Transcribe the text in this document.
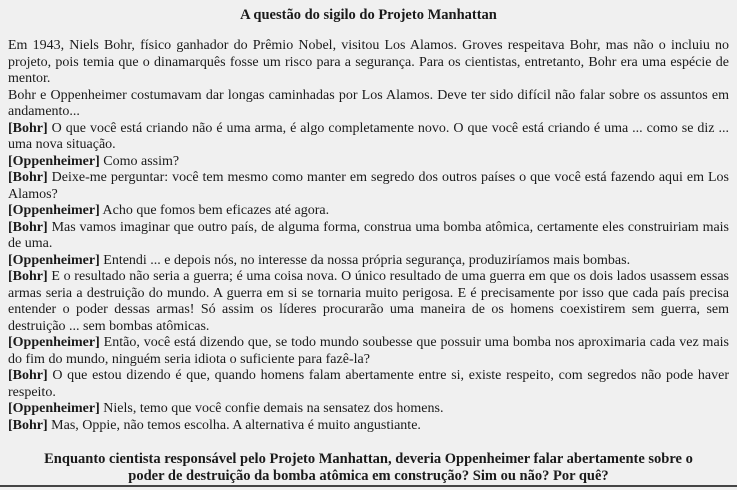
A questão do sigilo do Projeto Manhattan

Em 1943, Niels Bohr, físico ganhador do Prêmio Nobel, visitou Los Alamos. Groves respeitava Bohr, mas não o incluiu no projeto, pois temia que o dinamarquês fosse um risco para a segurança. Para os cientistas, entretanto, Bohr era uma espécie de mentor.

Bohr e Oppenheimer costumavam dar longas caminhadas por Los Alamos. Deve ter sido difícil não falar sobre os assuntos em andamento...

[Bohr] O que você está criando não é uma arma, é algo completamente novo. O que você está criando é uma ... como se diz ... uma nova situação.

[Oppenheimer] Como assim?

[Bohr] Deixe-me perguntar: você tem mesmo como manter em segredo dos outros países o que você está fazendo aqui em Los Alamos?

[Oppenheimer] Acho que fomos bem eficazes até agora.

[Bohr] Mas vamos imaginar que outro país, de alguma forma, construa uma bomba atômica, certamente eles construiriam mais de uma.

[Oppenheimer] Entendi ... e depois nós, no interesse da nossa própria segurança, produziríamos mais bombas.

[Bohr] E o resultado não seria a guerra; é uma coisa nova. O único resultado de uma guerra em que os dois lados usassem essas armas seria a destruição do mundo. A guerra em si se tornaria muito perigosa. E é precisamente por isso que cada país precisa entender o poder dessas armas! Só assim os líderes procurarão uma maneira de os homens coexistirem sem guerra, sem destruição ... sem bombas atômicas.

[Oppenheimer] Então, você está dizendo que, se todo mundo soubesse que possuir uma bomba nos aproximaria cada vez mais do fim do mundo, ninguém seria idiota o suficiente para fazê-la?

[Bohr] O que estou dizendo é que, quando homens falam abertamente entre si, existe respeito, com segredos não pode haver respeito.

[Oppenheimer] Niels, temo que você confie demais na sensatez dos homens.

[Bohr] Mas, Oppie, não temos escolha. A alternativa é muito angustiante.

Enquanto cientista responsável pelo Projeto Manhattan, deveria Oppenheimer falar abertamente sobre o poder de destruição da bomba atômica em construção? Sim ou não? Por quê?
